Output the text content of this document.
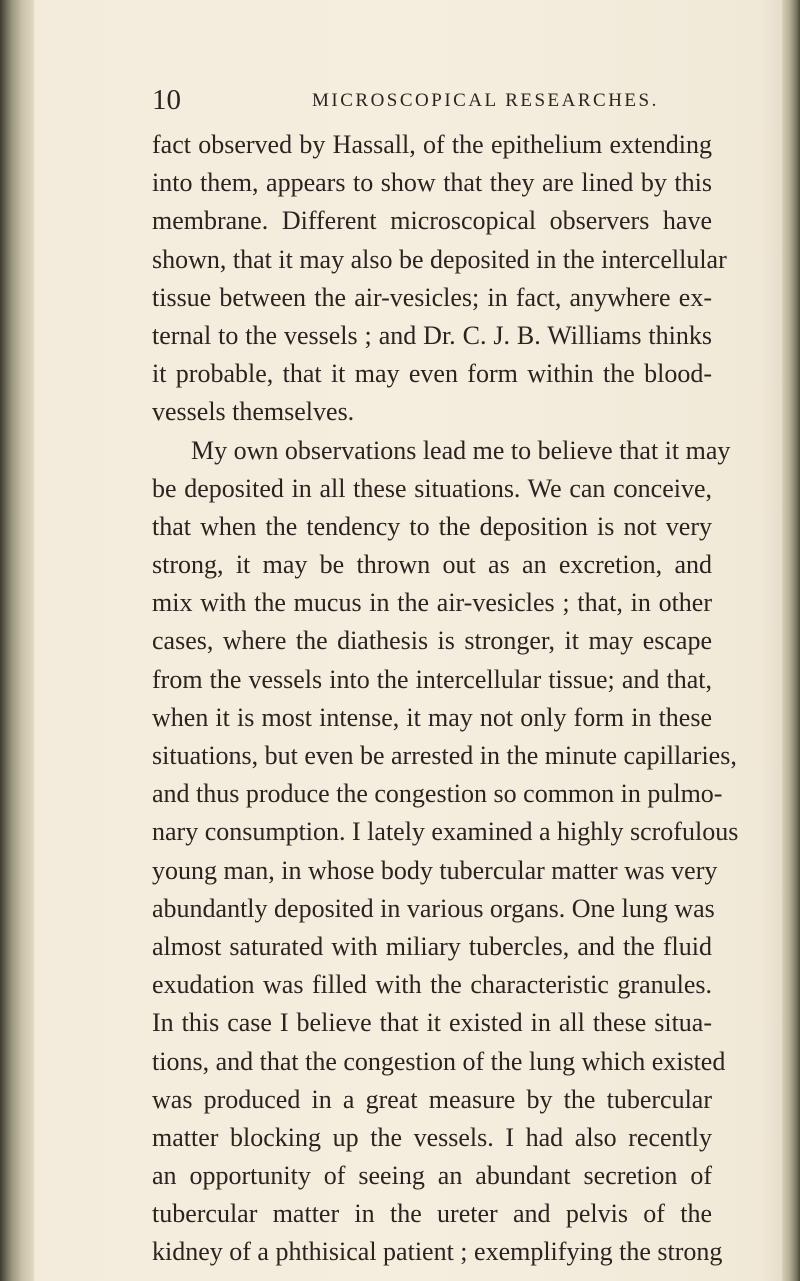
10	MICROSCOPICAL RESEARCHES.
fact observed by Hassall, of the epithelium extending
into them, appears to show that they are lined by this
membrane. Different microscopical observers have
shown, that it may also be deposited in the intercellular
tissue between the air-vesicles; in fact, anywhere ex-
ternal to the vessels ; and Dr. C. J. B. Williams thinks
it probable, that it may even form within the blood-
vessels themselves.
My own observations lead me to believe that it may
be deposited in all these situations. We can conceive,
that when the tendency to the deposition is not very
strong, it may be thrown out as an excretion, and
mix with the mucus in the air-vesicles ; that, in other
cases, where the diathesis is stronger, it may escape
from the vessels into the intercellular tissue; and that,
when it is most intense, it may not only form in these
situations, but even be arrested in the minute capillaries,
and thus produce the congestion so common in pulmo-
nary consumption. I lately examined a highly scrofulous
young man, in whose body tubercular matter was very
abundantly deposited in various organs. One lung was
almost saturated with miliary tubercles, and the fluid
exudation was filled with the characteristic granules.
In this case I believe that it existed in all these situa-
tions, and that the congestion of the lung which existed
was produced in a great measure by the tubercular
matter blocking up the vessels. I had also recently
an opportunity of seeing an abundant secretion of
tubercular matter in the ureter and pelvis of the
kidney of a phthisical patient ; exemplifying the strong
